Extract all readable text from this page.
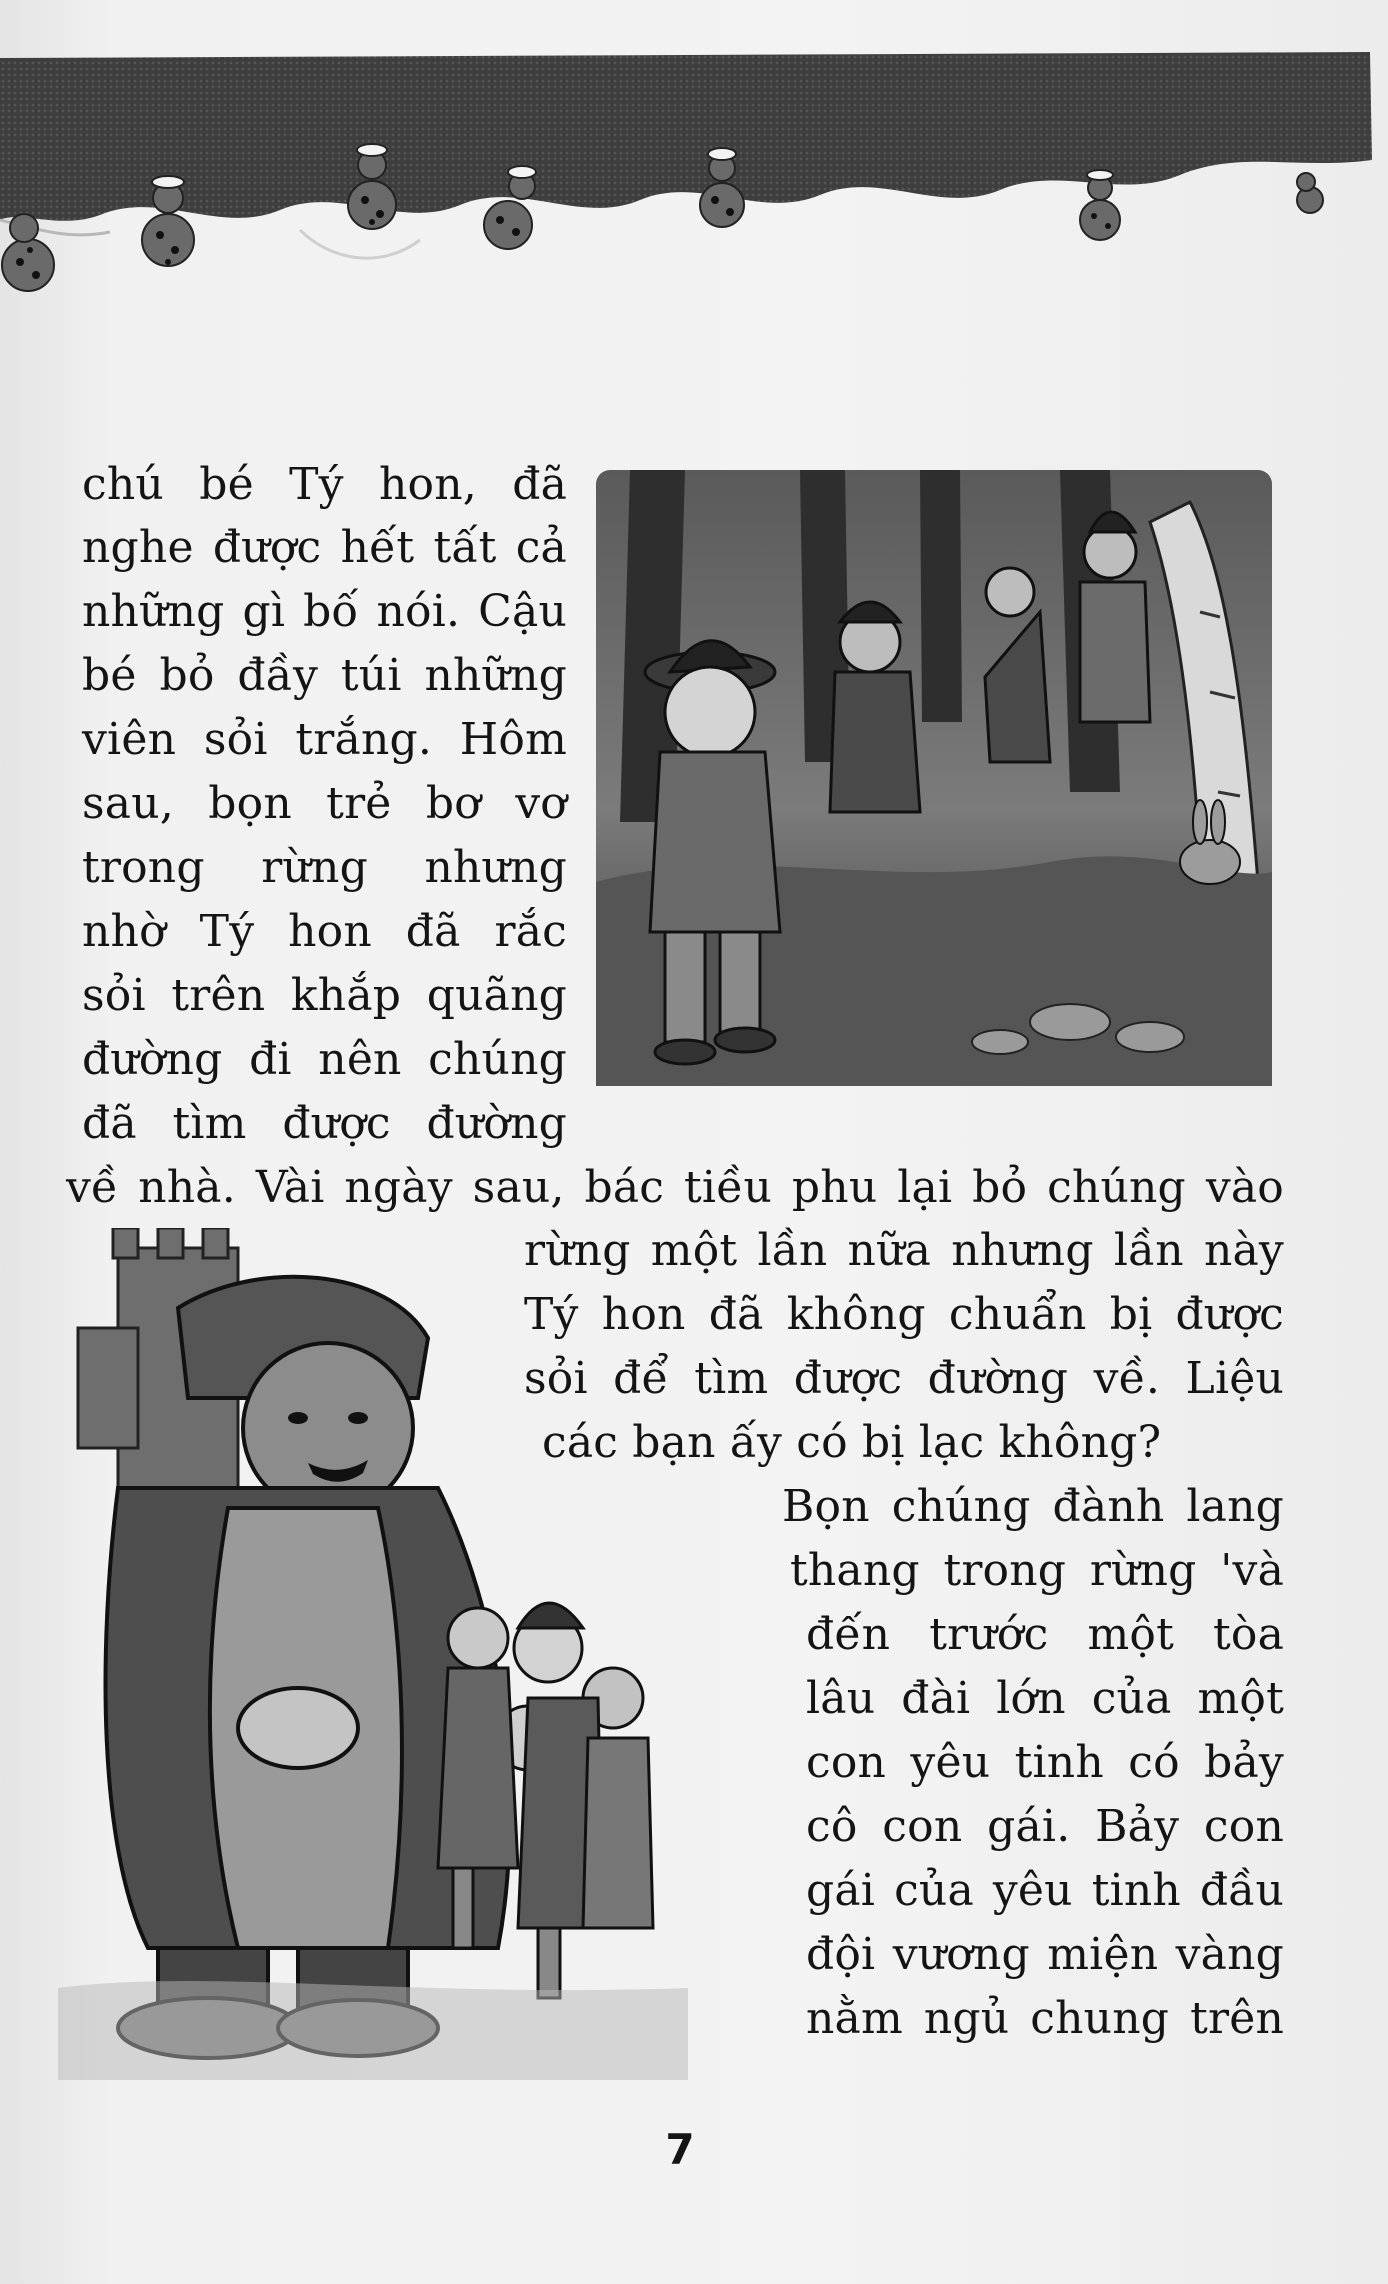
chú bé Tý hon, đã
nghe được hết tất cả
những gì bố nói. Cậu
bé bỏ đầy túi những
viên sỏi trắng. Hôm
sau, bọn trẻ bơ vơ
trong rừng nhưng
nhờ Tý hon đã rắc
sỏi trên khắp quãng
đường đi nên chúng
đã tìm được đường
về nhà. Vài ngày sau, bác tiều phu lại bỏ chúng vào
rừng một lần nữa nhưng lần này
Tý hon đã không chuẩn bị được
sỏi để tìm được đường về. Liệu
các bạn ấy có bị lạc không?
Bọn chúng đành lang
thang trong rừng 'và
đến trước một tòa
lâu đài lớn của một
con yêu tinh có bảy
cô con gái. Bảy con
gái của yêu tinh đầu
đội vương miện vàng
nằm ngủ chung trên
7
